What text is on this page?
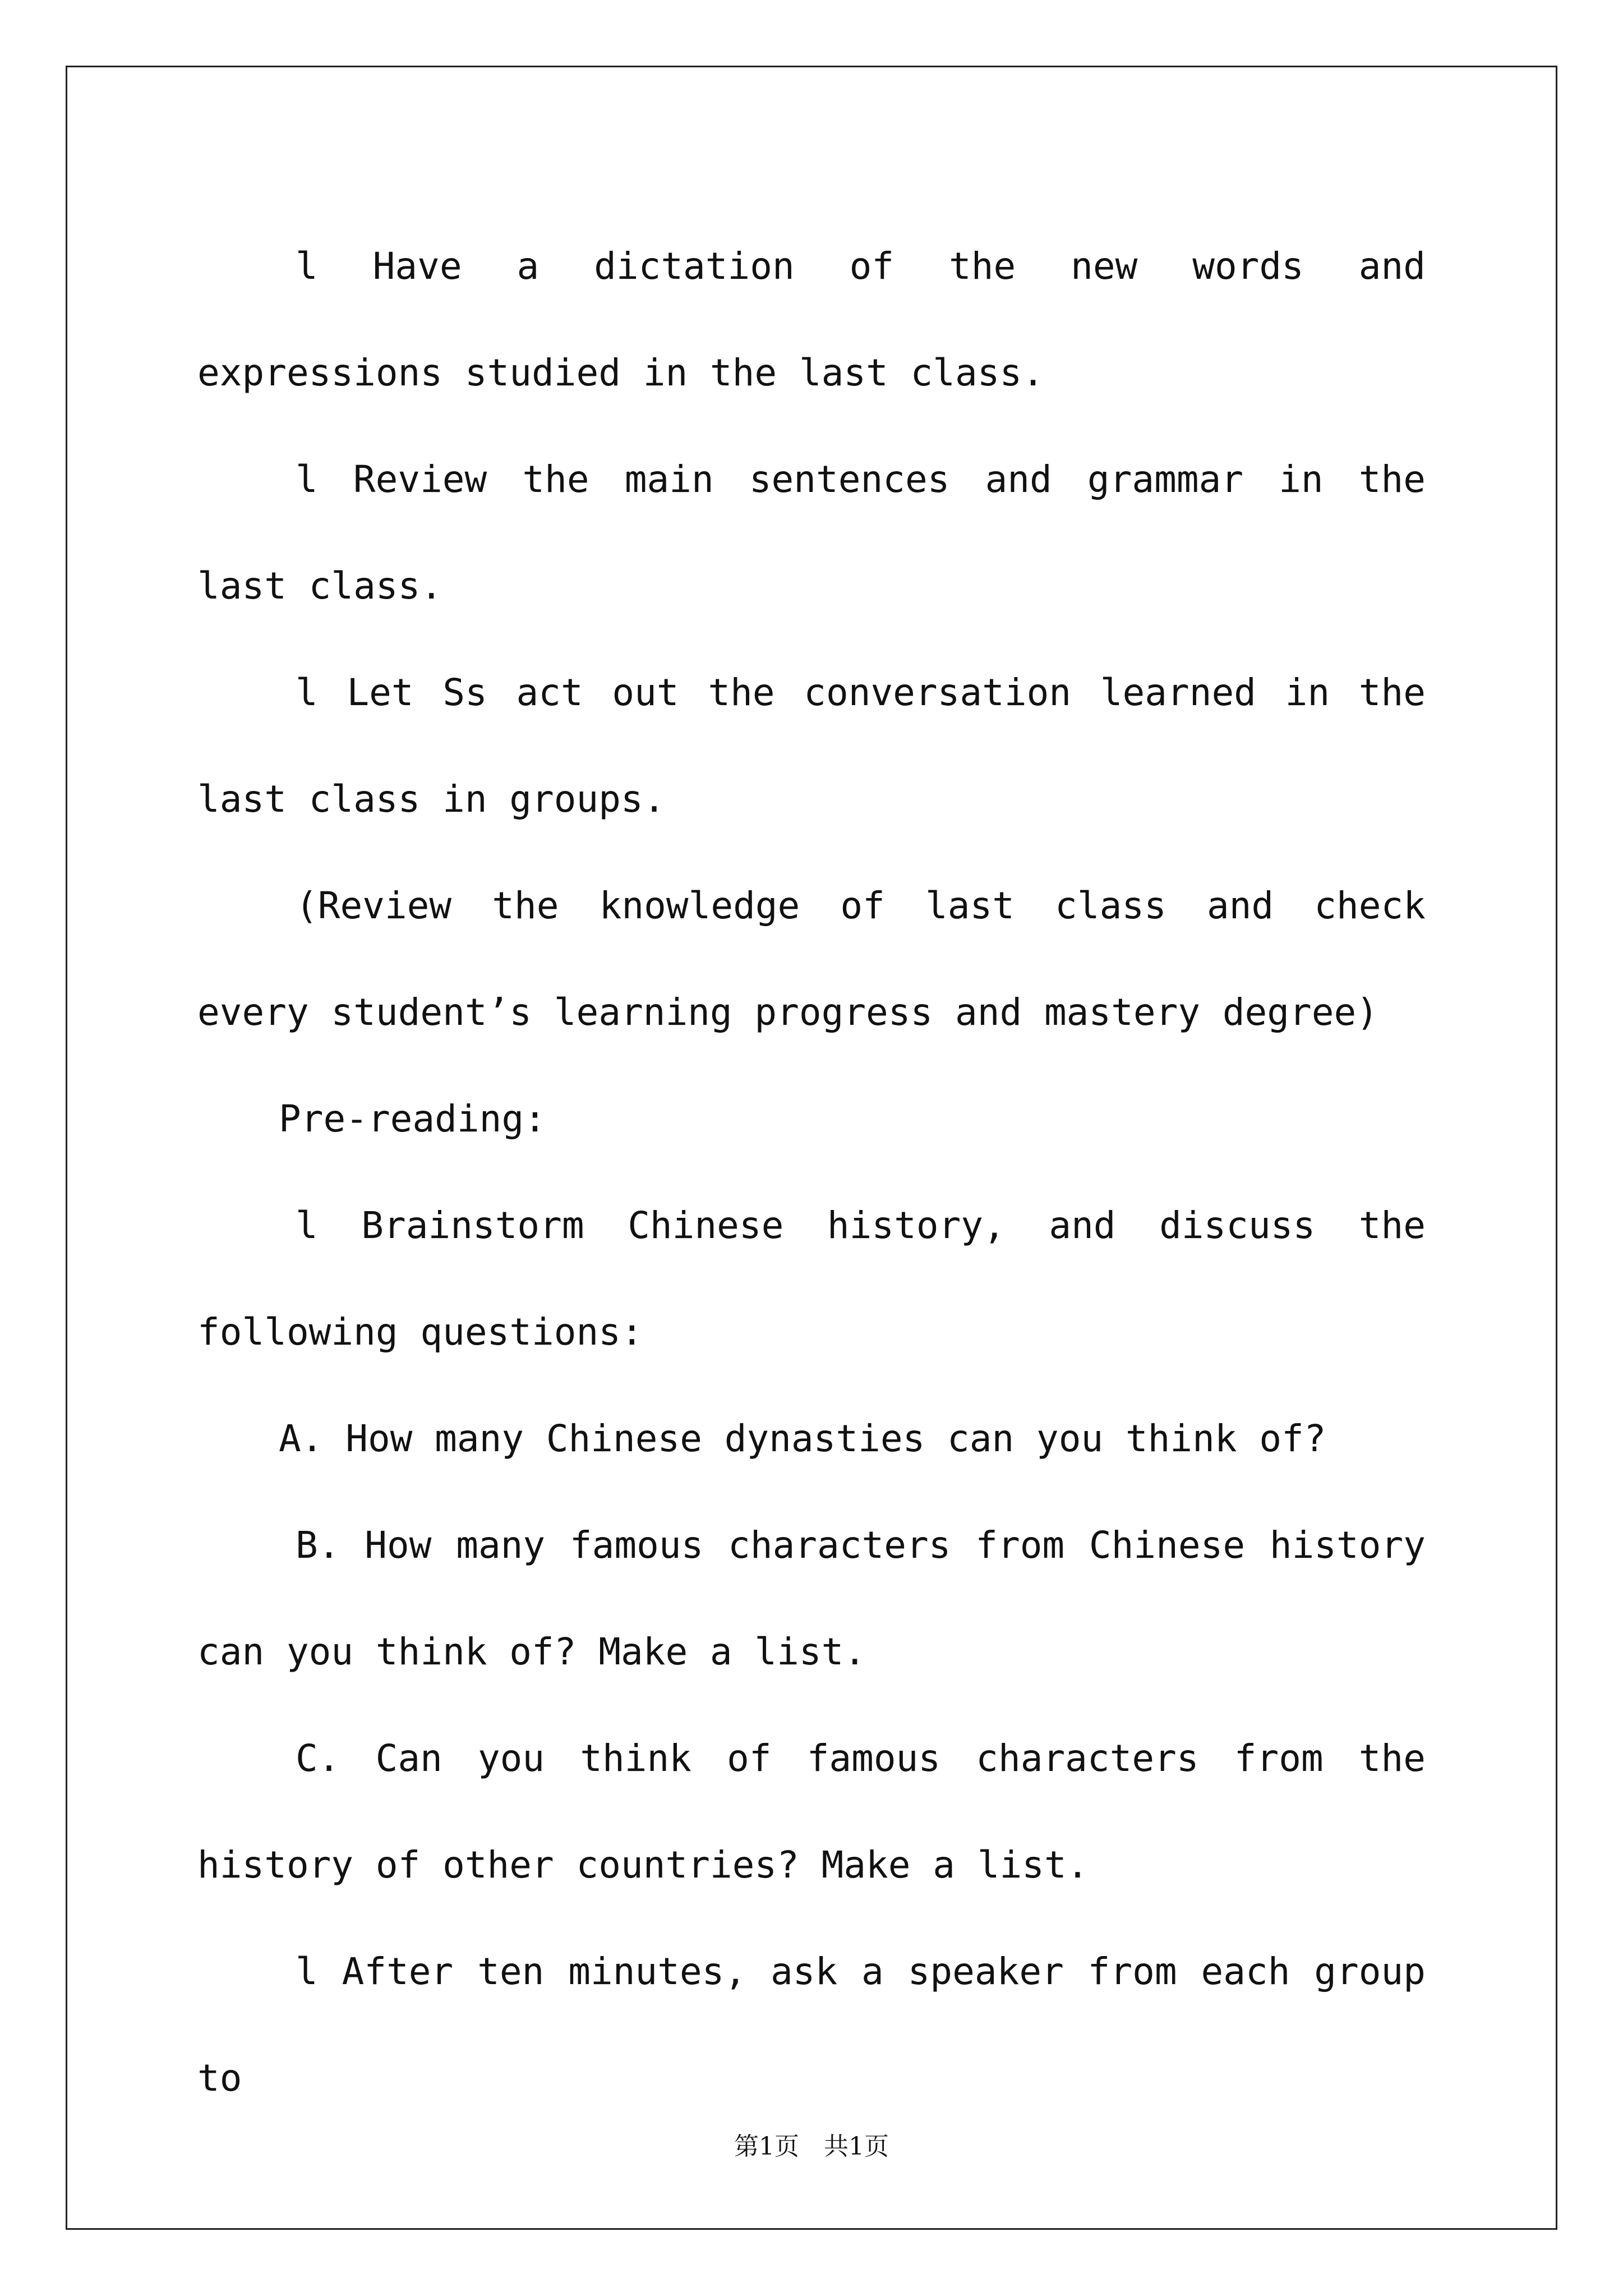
l Have a dictation of the new words and expressions studied in the last class.

l Review the main sentences and grammar in the last class.

l Let Ss act out the conversation learned in the last class in groups.

(Review the knowledge of last class and check every student’s learning progress and mastery degree)

Pre-reading:

l Brainstorm Chinese history, and discuss the following questions:

A. How many Chinese dynasties can you think of?

B. How many famous characters from Chinese history can you think of? Make a list.

C. Can you think of famous characters from the history of other countries? Make a list.

l After ten minutes, ask a speaker from each group to

第1页　共1页
